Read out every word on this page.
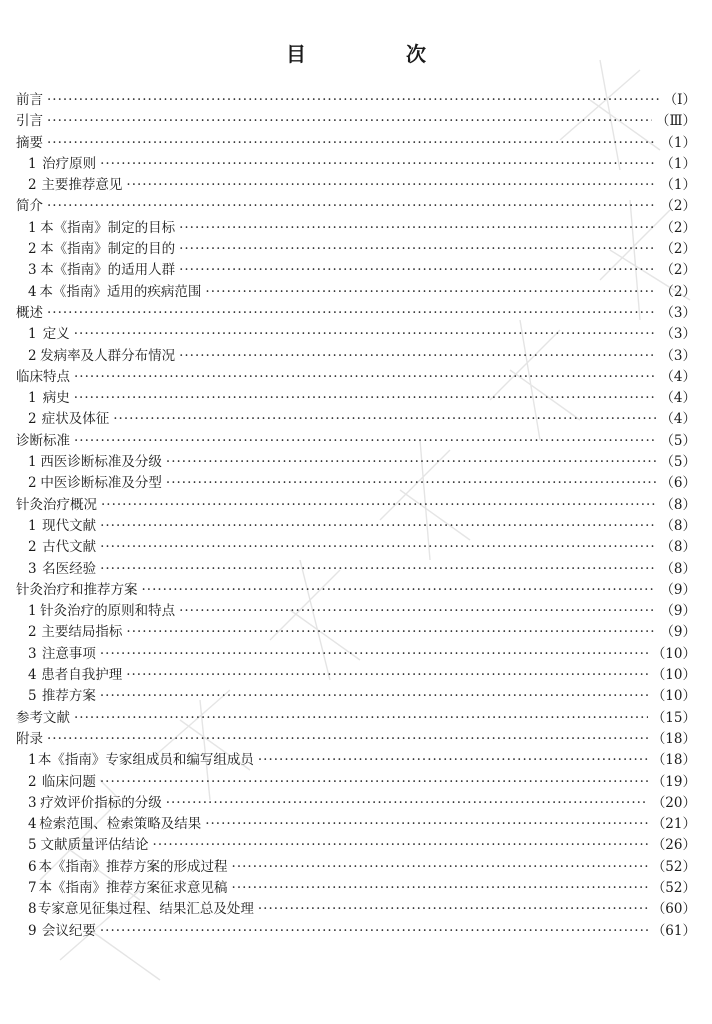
目　次
前言 ·····	（Ⅰ）
引言 ·····	（Ⅲ）
摘要 ·····	（1）
1 治疗原则 ·····	（1）
2 主要推荐意见 ·····	（1）
简介 ·····	（2）
1 本《指南》制定的目标 ·····	（2）
2 本《指南》制定的目的 ·····	（2）
3 本《指南》的适用人群 ·····	（2）
4 本《指南》适用的疾病范围 ·····	（2）
概述 ·····	（3）
1 定义 ·····	（3）
2 发病率及人群分布情况 ·····	（3）
临床特点 ·····	（4）
1 病史 ·····	（4）
2 症状及体征 ·····	（4）
诊断标准 ·····	（5）
1 西医诊断标准及分级 ·····	（5）
2 中医诊断标准及分型 ·····	（6）
针灸治疗概况 ·····	（8）
1 现代文献 ·····	（8）
2 古代文献 ·····	（8）
3 名医经验 ·····	（8）
针灸治疗和推荐方案 ·····	（9）
1 针灸治疗的原则和特点 ·····	（9）
2 主要结局指标 ·····	（9）
3 注意事项 ·····	（10）
4 患者自我护理 ·····	（10）
5 推荐方案 ·····	（10）
参考文献 ·····	（15）
附录 ·····	（18）
1 本《指南》专家组成员和编写组成员 ·····	（18）
2 临床问题 ·····	（19）
3 疗效评价指标的分级 ·····	（20）
4 检索范围、检索策略及结果 ·····	（21）
5 文献质量评估结论 ·····	（26）
6 本《指南》推荐方案的形成过程 ·····	（52）
7 本《指南》推荐方案征求意见稿 ·····	（52）
8 专家意见征集过程、结果汇总及处理 ·····	（60）
9 会议纪要 ·····	（61）
